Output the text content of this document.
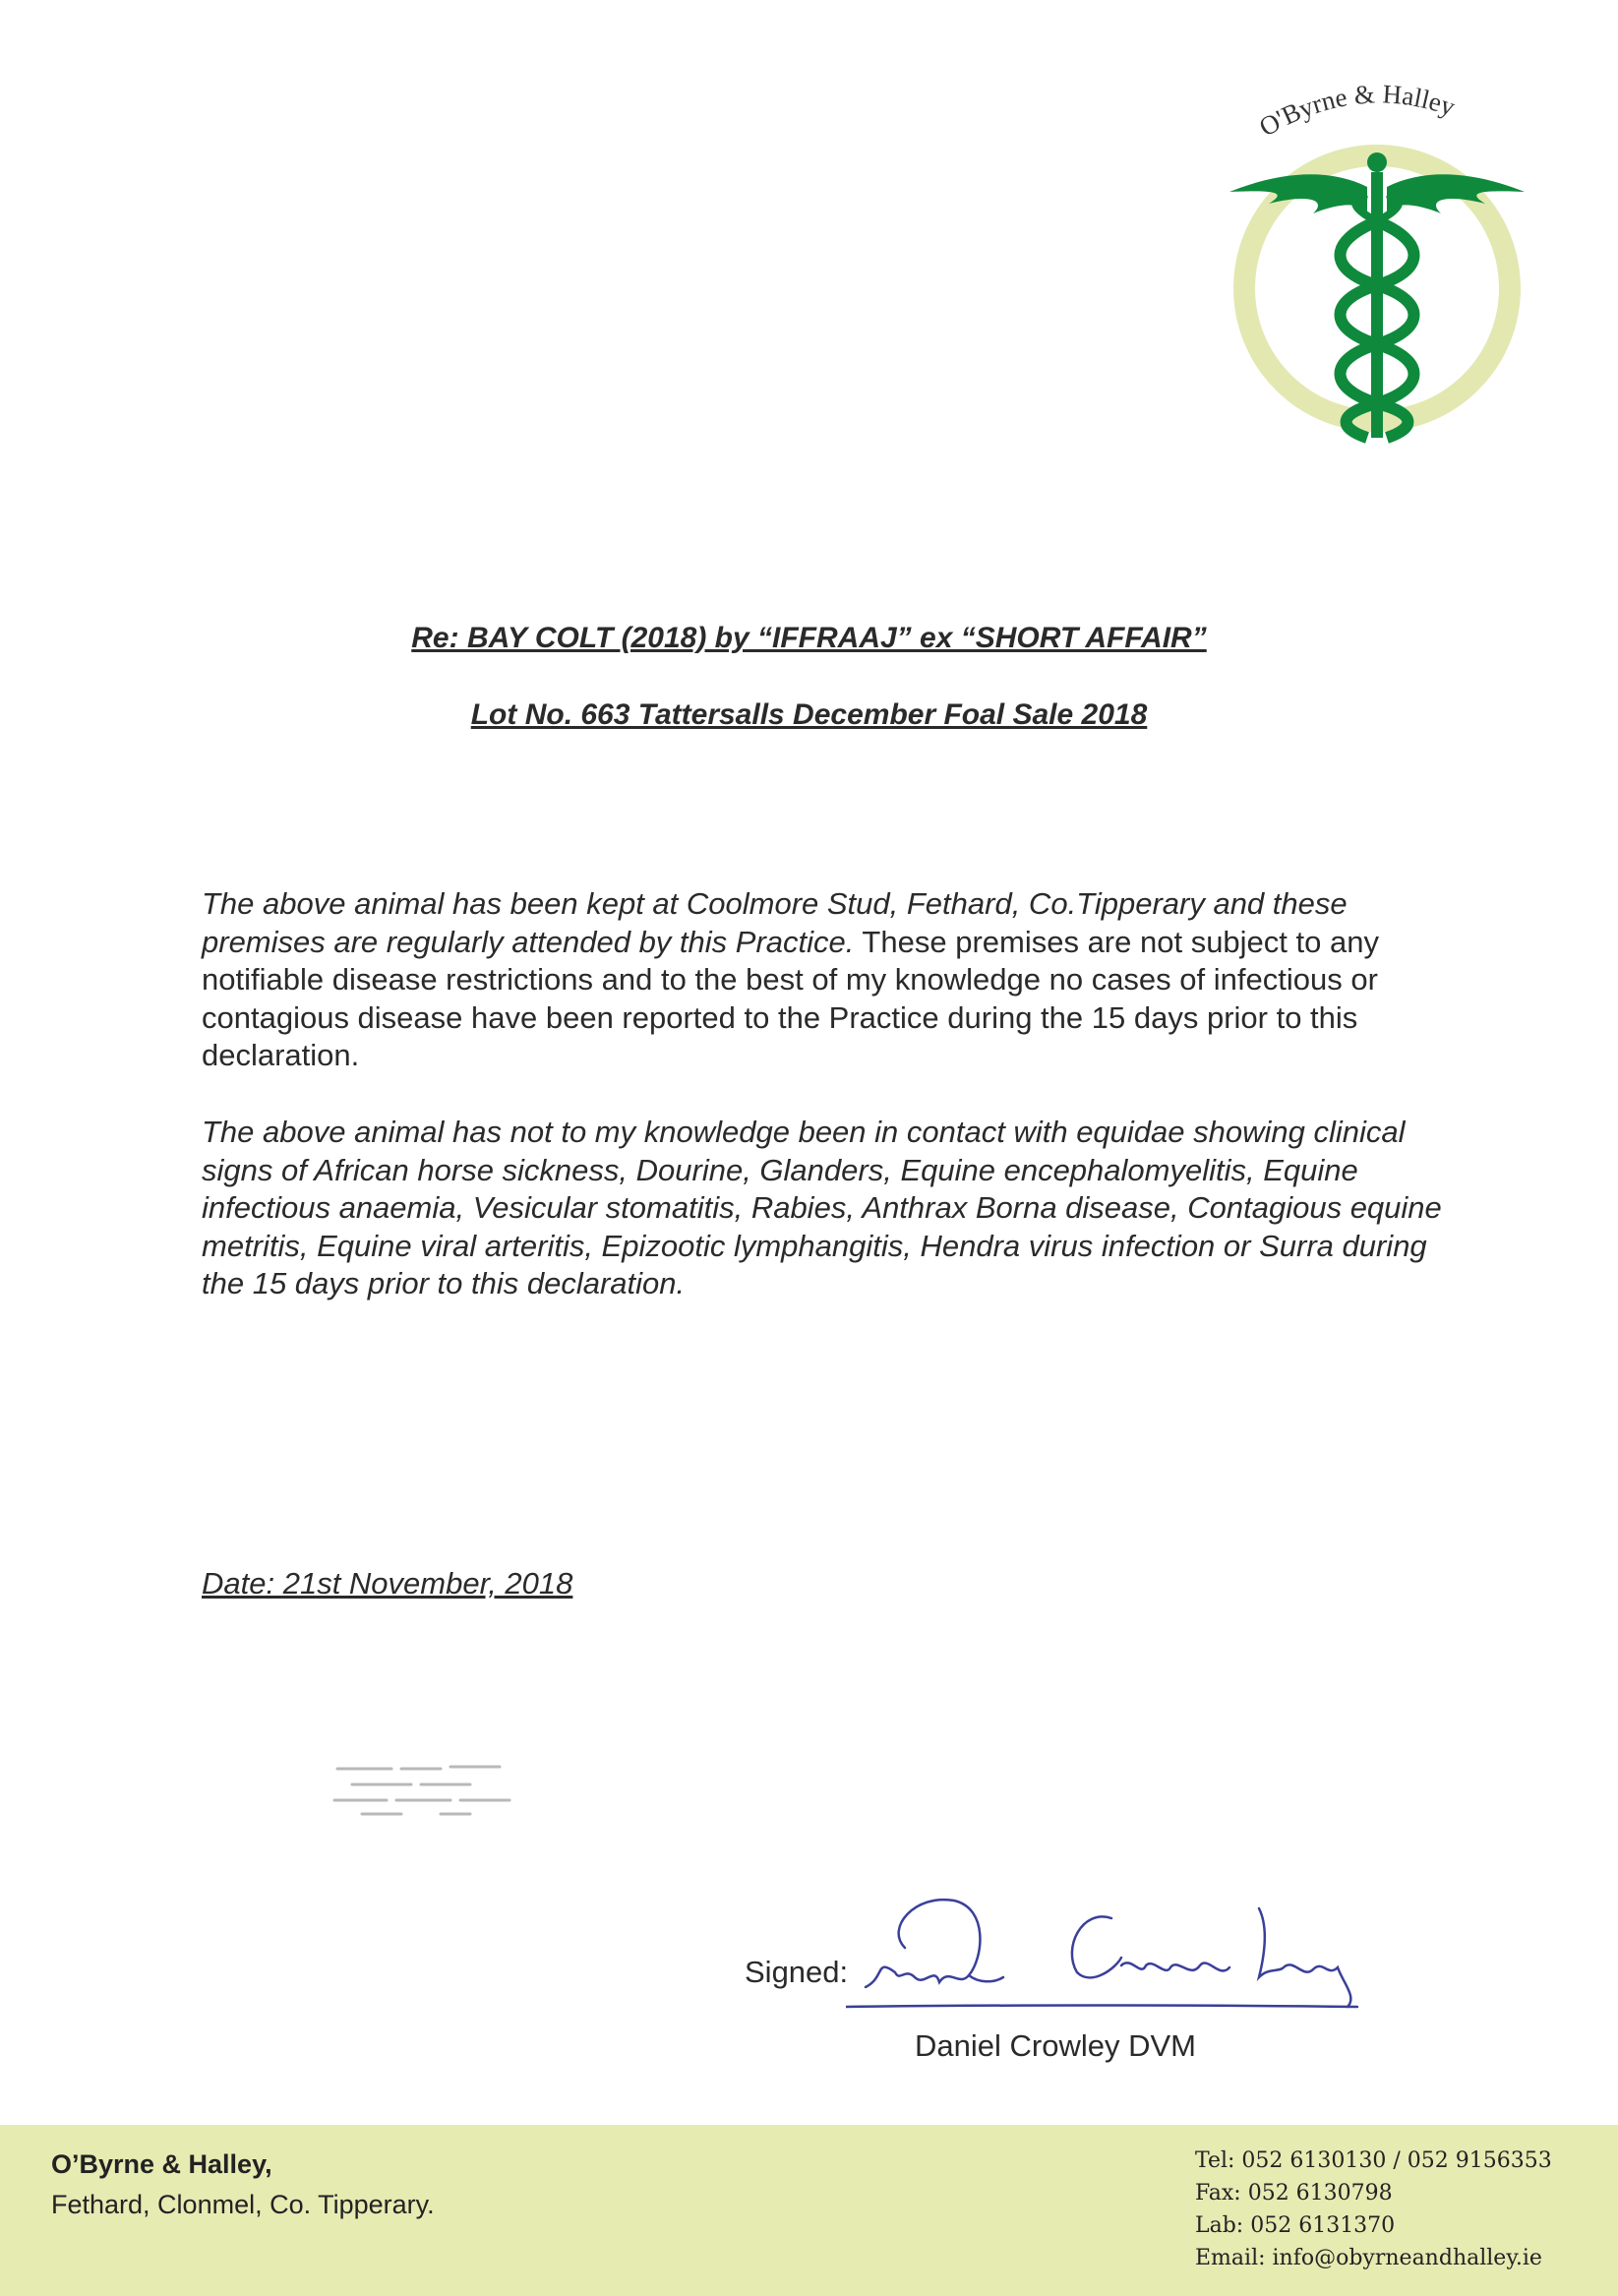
O'Byrne & Halley
Re: BAY COLT (2018) by “IFFRAAJ” ex “SHORT AFFAIR”
Lot No. 663 Tattersalls December Foal Sale 2018
The above animal has been kept at Coolmore Stud, Fethard, Co.Tipperary and these premises are regularly attended by this Practice. These premises are not subject to any notifiable disease restrictions and to the best of my knowledge no cases of infectious or contagious disease have been reported to the Practice during the 15 days prior to this declaration.
The above animal has not to my knowledge been in contact with equidae showing clinical signs of African horse sickness, Dourine, Glanders, Equine encephalomyelitis, Equine infectious anaemia, Vesicular stomatitis, Rabies, Anthrax Borna disease, Contagious equine metritis, Equine viral arteritis, Epizootic lymphangitis, Hendra virus infection or Surra during the 15 days prior to this declaration.
Date: 21st November, 2018
Signed:
Daniel Crowley DVM
O’Byrne & Halley,
Fethard, Clonmel, Co. Tipperary.
Tel: 052 6130130 / 052 9156353
Fax: 052 6130798
Lab: 052 6131370
Email: info@obyrneandhalley.ie
